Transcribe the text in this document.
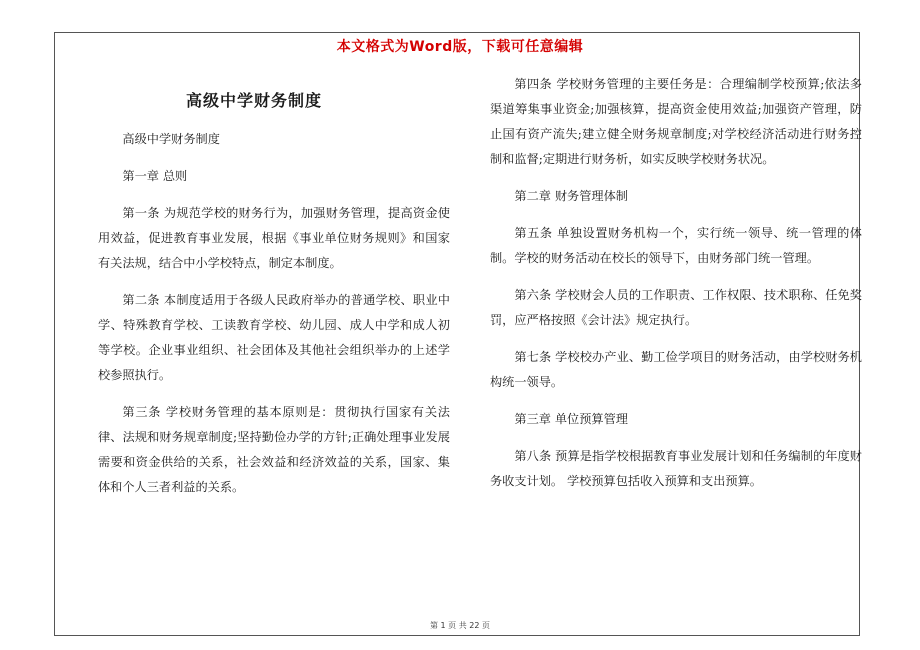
本文格式为Word版，下载可任意编辑
高级中学财务制度

高级中学财务制度

第一章 总则

第一条 为规范学校的财务行为，加强财务管理，提高资金使用效益，促进教育事业发展，根据《事业单位财务规则》和国家有关法规，结合中小学校特点，制定本制度。

第二条 本制度适用于各级人民政府举办的普通学校、职业中学、特殊教育学校、工读教育学校、幼儿园、成人中学和成人初等学校。企业事业组织、社会团体及其他社会组织举办的上述学校参照执行。

第三条 学校财务管理的基本原则是：贯彻执行国家有关法律、法规和财务规章制度;坚持勤俭办学的方针;正确处理事业发展需要和资金供给的关系，社会效益和经济效益的关系，国家、集体和个人三者利益的关系。

第四条 学校财务管理的主要任务是：合理编制学校预算;依法多渠道筹集事业资金;加强核算，提高资金使用效益;加强资产管理，防止国有资产流失;建立健全财务规章制度;对学校经济活动进行财务控制和监督;定期进行财务析，如实反映学校财务状况。

第二章 财务管理体制

第五条 单独设置财务机构一个，实行统一领导、统一管理的体制。学校的财务活动在校长的领导下，由财务部门统一管理。

第六条 学校财会人员的工作职责、工作权限、技术职称、任免奖罚，应严格按照《会计法》规定执行。

第七条 学校校办产业、勤工俭学项目的财务活动，由学校财务机构统一领导。

第三章 单位预算管理

第八条 预算是指学校根据教育事业发展计划和任务编制的年度财务收支计划。 学校预算包括收入预算和支出预算。

第 1 页 共 22 页
